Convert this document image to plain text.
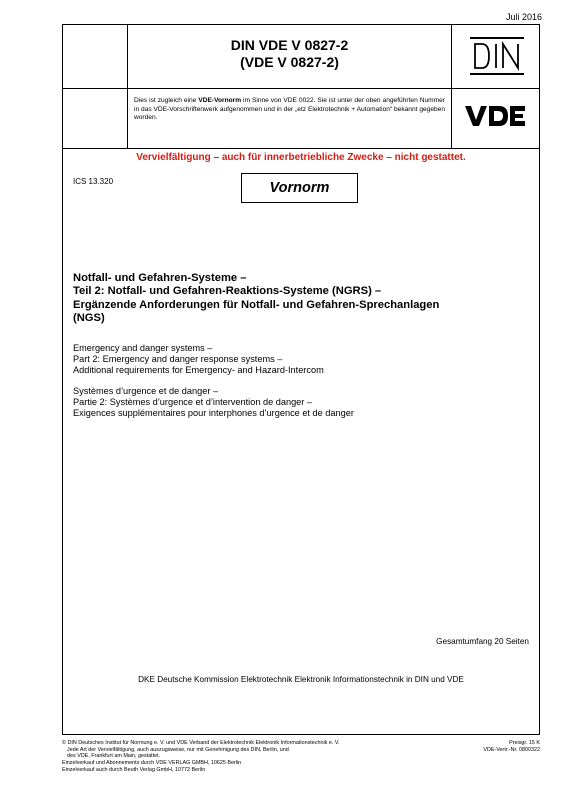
Juli 2016
DIN VDE V 0827-2
(VDE V 0827-2)
Dies ist zugleich eine VDE-Vornorm im Sinne von VDE 0022. Sie ist unter der oben angeführten Nummer in das VDE-Vorschriftenwerk aufgenommen und in der „etz Elektrotechnik + Automation“ bekannt gegeben worden.
Vervielfältigung – auch für innerbetriebliche Zwecke – nicht gestattet.
ICS 13.320	Vornorm
Notfall- und Gefahren-Systeme –
Teil 2: Notfall- und Gefahren-Reaktions-Systeme (NGRS) –
Ergänzende Anforderungen für Notfall- und Gefahren-Sprechanlagen
(NGS)
Emergency and danger systems –
Part 2: Emergency and danger response systems –
Additional requirements for Emergency- and Hazard-Intercom
Systèmes d’urgence et de danger –
Partie 2: Systèmes d’urgence et d’intervention de danger –
Exigences supplémentaires pour interphones d’urgence et de danger
Gesamtumfang 20 Seiten
DKE Deutsche Kommission Elektrotechnik Elektronik Informationstechnik in DIN und VDE
© DIN Deutsches Institut für Normung e. V. und VDE Verband der Elektrotechnik Elektronik Informationstechnik e. V.
Jede Art der Vervielfältigung, auch auszugsweise, nur mit Genehmigung des DIN, Berlin, und
des VDE, Frankfurt am Main, gestattet.
Einzelverkauf und Abonnements durch VDE VERLAG GMBH, 10625 Berlin
Einzelverkauf auch durch Beuth Verlag GmbH, 10772 Berlin
Preisgr. 15 K
VDE-Vertr.-Nr. 0800322
